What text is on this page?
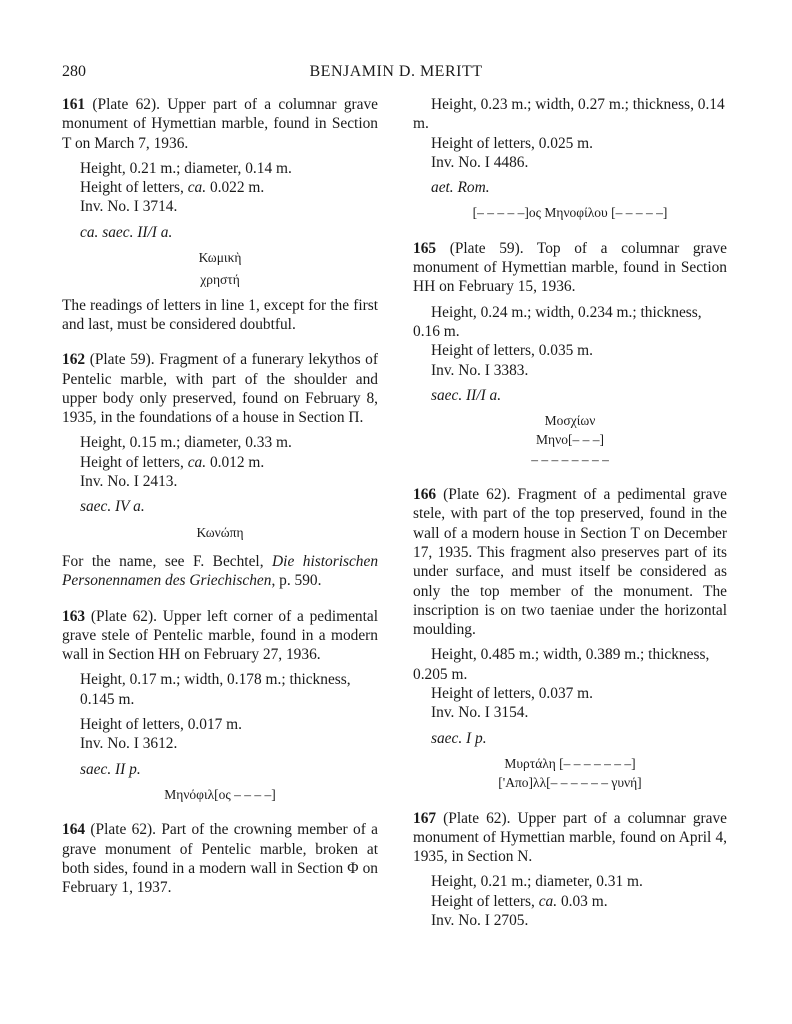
280	BENJAMIN D. MERITT

161 (Plate 62). Upper part of a columnar grave monument of Hymettian marble, found in Section T on March 7, 1936.

Height, 0.21 m.; diameter, 0.14 m.

Height of letters, ca. 0.022 m.

Inv. No. I 3714.

ca. saec. II/I a.

Κωμικὴ

χρηστή

The readings of letters in line 1, except for the first and last, must be considered doubtful.

162 (Plate 59). Fragment of a funerary lekythos of Pentelic marble, with part of the shoulder and upper body only preserved, found on February 8, 1935, in the foundations of a house in Section Π.

Height, 0.15 m.; diameter, 0.33 m.

Height of letters, ca. 0.012 m.

Inv. No. I 2413.

saec. IV a.

Κωνώπη

For the name, see F. Bechtel, Die historischen Personennamen des Griechischen, p. 590.

163 (Plate 62). Upper left corner of a pedimental grave stele of Pentelic marble, found in a modern wall in Section HH on February 27, 1936.

Height, 0.17 m.; width, 0.178 m.; thickness, 0.145 m.

Height of letters, 0.017 m.

Inv. No. I 3612.

saec. II p.

Μηνόφιλ[ος – – – –]

164 (Plate 62). Part of the crowning member of a grave monument of Pentelic marble, broken at both sides, found in a modern wall in Section Φ on February 1, 1937.

Height, 0.23 m.; width, 0.27 m.; thickness, 0.14 m.

Height of letters, 0.025 m.

Inv. No. I 4486.

aet. Rom.

[– – – – –]ος Μηνοφίλου [– – – – –]

165 (Plate 59). Top of a columnar grave monument of Hymettian marble, found in Section HH on February 15, 1936.

Height, 0.24 m.; width, 0.234 m.; thickness, 0.16 m.

Height of letters, 0.035 m.

Inv. No. I 3383.

saec. II/I a.

Μοσχίων

Μηνο[– – –]

– – – – – – – –

166 (Plate 62). Fragment of a pedimental grave stele, with part of the top preserved, found in the wall of a modern house in Section T on December 17, 1935. This fragment also preserves part of its under surface, and must itself be considered as only the top member of the monument. The inscription is on two taeniae under the horizontal moulding.

Height, 0.485 m.; width, 0.389 m.; thickness, 0.205 m.

Height of letters, 0.037 m.

Inv. No. I 3154.

saec. I p.

Μυρτάλη [– – – – – – –]

['Απο]λλ[– – – – – – γυνή]

167 (Plate 62). Upper part of a columnar grave monument of Hymettian marble, found on April 4, 1935, in Section N.

Height, 0.21 m.; diameter, 0.31 m.

Height of letters, ca. 0.03 m.

Inv. No. I 2705.
